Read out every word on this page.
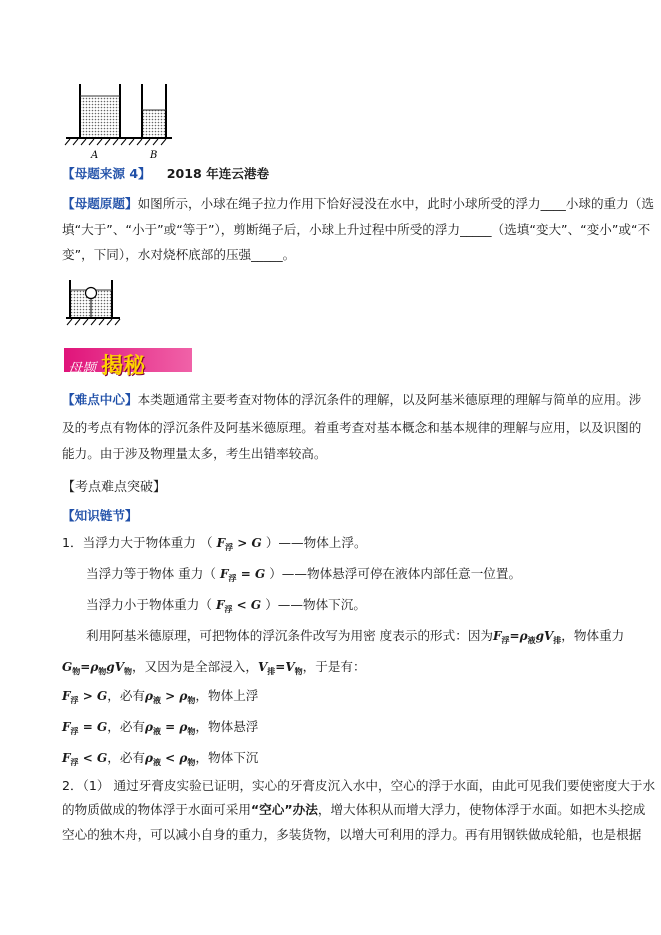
A	B
【母题来源 4】 2018 年连云港卷
【母题原题】如图所示，小球在绳子拉力作用下恰好浸没在水中，此时小球所受的浮力____小球的重力（选
填“大于”、“小于”或“等于”），剪断绳子后，小球上升过程中所受的浮力_____（选填“变大”、“变小”或“不
变”，下同），水对烧杯底部的压强_____。
母题 揭秘
【难点中心】本类题通常主要考查对物体的浮沉条件的理解，以及阿基米德原理的理解与简单的应用。涉
及的考点有物体的浮沉条件及阿基米德原理。着重考查对基本概念和基本规律的理解与应用，以及识图的
能力。由于涉及物理量太多，考生出错率较高。
【考点难点突破】
【知识链节】
1．当浮力大于物体重力 （ $F_浮 > G$ ）——物体上浮。
当浮力等于物体 重力（ $F_浮 = G$ ）——物体悬浮可停在液体内部任意一位置。
当浮力小于物体重力（ $F_浮 < G$ ）——物体下沉。
利用阿基米德原理，可把物体的浮沉条件改写为用密 度表示的形式：因为$F_浮=\rho_液gV_排$，物体重力
$G_物=\rho_物gV_物$，又因为是全部浸入，$V_排=V_物$，于是有：
$F_浮 > G$，必有$\rho_液 > \rho_物$，物体上浮
$F_浮 = G$，必有$\rho_液 = \rho_物$，物体悬浮
$F_浮 < G$，必有$\rho_液 < \rho_物$，物体下沉
2．（1） 通过牙膏皮实验已证明，实心的牙膏皮沉入水中，空心的浮于水面，由此可见我们要使密度大于水
的物质做成的物体浮于水面可采用“空心”办法，增大体积从而增大浮力，使物体浮于水面。如把木头挖成
空心的独木舟，可以减小自身的重力，多装货物，以增大可利用的浮力。再有用钢铁做成轮船，也是根据
